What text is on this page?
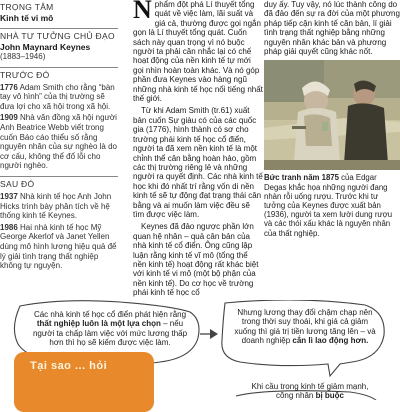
TRỌNG TÂM
Kinh tế vi mô
NHÀ TƯ TƯỞNG CHỦ ĐẠO
John Maynard Keynes
(1883–1946)
TRƯỚC ĐÓ
1776 Adam Smith cho rằng “bàn tay vô hình” của thị trường sẽ đưa lợi cho xã hội trong xã hội.
1909 Nhà văn đồng xã hội người Anh Beatrice Webb viết trong cuốn Báo cáo thiểu số rằng nguyên nhân của sự nghèo là do cơ cấu, không thể đổ lỗi cho người nghèo.
SAU ĐÓ
1937 Nhà kinh tế học Anh John Hicks trình bày phân tích về hệ thống kinh tế Keynes.
1986 Hai nhà kinh tế học Mỹ George Akerlof và Janet Yellen dùng mô hình lương hiệu quả để lý giải tình trạng thất nghiệp không tự nguyện.

Nphẩm đột phá Lí thuyết tổng quát về việc làm, lãi suất và giá cả, thường được gọi ngắn gọn là Lí thuyết tổng quát. Cuốn sách này quan trọng vì nó buộc người ta phải cân nhắc lại có chế hoạt động của nền kinh tế tự mới gọi nhìn hoàn toàn khác. Và nó góp phần đưa Keynes vào hàng ngũ những nhà kinh tế học nổi tiếng nhất thế giới.

Từ khi Adam Smith (tr.61) xuất bản cuốn Sự giàu có của các quốc gia (1776), hình thành có sơ cho trường phái kinh tế học cổ điển, người ta đã xem nền kinh tế là một chỉnh thể cân bằng hoàn hảo, gồm các thị trường riêng lẻ và những người ra quyết định. Các nhà kinh tế học khi đó nhất trí rằng vốn di nền kinh tế sẽ tự động đạt trạng thái cân bằng và ai muốn làm việc đều sẽ tìm được việc làm.

Keynes đã đảo ngược phần lớn quan hệ nhân – quả cân bản của nhà kinh tế cổ điển. Ông cũng lập luận rằng kinh tế vĩ mô (tổng thể nền kinh tế) hoạt động rất khác biệt với kinh tế vi mô (một bộ phận của nền kinh tế). Do cơ học về trường phái kinh tế học cổ

duy ấy. Tuy vậy, nó lúc thành công do đã đảo đến sự ra đời của một phương pháp tiếp cận kinh tế căn bản, lí giải tình trạng thất nghiệp bằng những nguyên nhân khác bản và phương pháp giải quyết cũng khác nốt.

Bức tranh năm 1875 của Edgar Degas khắc họa những người đang nhàn rỗi uống rượu. Trước khi tư tưởng của Keynes được xuất bản (1936), người ta xem lười dung rượu và các thói xấu khác là nguyên nhân của thất nghiệp.
Các nhà kinh tế học cổ điển phát hiện rằng thất nghiệp luôn là một lựa chọn – nếu người ta chấp làm việc với mức lương thấp hơn thì họ sẽ kiếm được việc làm.
Nhưng lương thay đổi chậm chạp nên trong thời suy thoái, khi giá cả giảm xuống thì giá trị tiền lương tăng lên – và doanh nghiệp cắn lì lao động hơn.
Khi cầu trong kinh tế giảm mạnh, công nhân bị buộc
Tại sao ... hỏi
